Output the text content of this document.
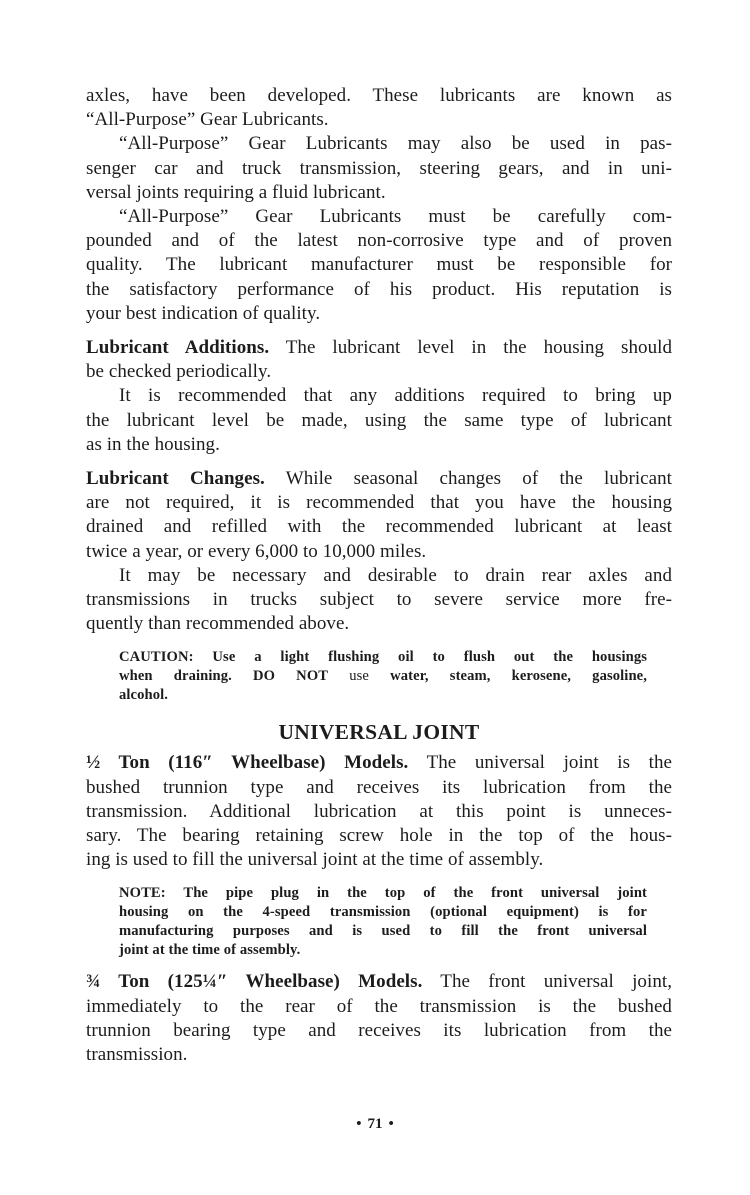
axles, have been developed. These lubricants are known as
“All-Purpose” Gear Lubricants.
“All-Purpose” Gear Lubricants may also be used in pas-
senger car and truck transmission, steering gears, and in uni-
versal joints requiring a fluid lubricant.
“All-Purpose” Gear Lubricants must be carefully com-
pounded and of the latest non-corrosive type and of proven
quality. The lubricant manufacturer must be responsible for
the satisfactory performance of his product. His reputation is
your best indication of quality.
Lubricant Additions. The lubricant level in the housing should
be checked periodically.
It is recommended that any additions required to bring up
the lubricant level be made, using the same type of lubricant
as in the housing.
Lubricant Changes. While seasonal changes of the lubricant
are not required, it is recommended that you have the housing
drained and refilled with the recommended lubricant at least
twice a year, or every 6,000 to 10,000 miles.
It may be necessary and desirable to drain rear axles and
transmissions in trucks subject to severe service more fre-
quently than recommended above.
CAUTION: Use a light flushing oil to flush out the housings
when draining. DO NOT use water, steam, kerosene, gasoline,
alcohol.
UNIVERSAL JOINT
½ Ton (116″ Wheelbase) Models. The universal joint is the
bushed trunnion type and receives its lubrication from the
transmission. Additional lubrication at this point is unneces-
sary. The bearing retaining screw hole in the top of the hous-
ing is used to fill the universal joint at the time of assembly.
NOTE: The pipe plug in the top of the front universal joint
housing on the 4-speed transmission (optional equipment) is for
manufacturing purposes and is used to fill the front universal
joint at the time of assembly.
¾ Ton (125¼″ Wheelbase) Models. The front universal joint,
immediately to the rear of the transmission is the bushed
trunnion bearing type and receives its lubrication from the
transmission.
• 71 •
